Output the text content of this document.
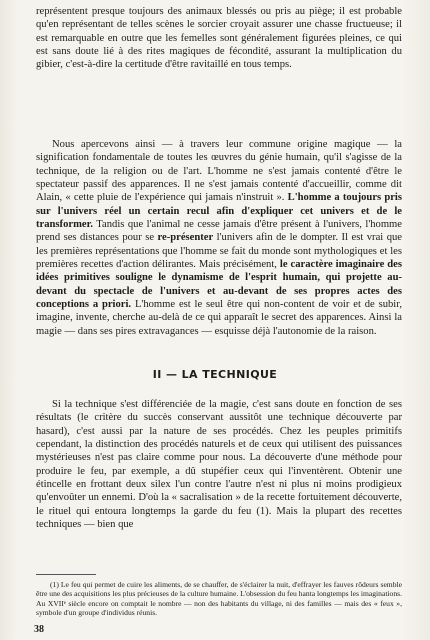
représentent presque toujours des animaux blessés ou pris au piège; il est probable qu'en représentant de telles scènes le sorcier croyait assurer une chasse fructueuse; il est remarquable en outre que les femelles sont généralement figurées pleines, ce qui est sans doute lié à des rites magiques de fécondité, assurant la multiplication du gibier, c'est-à-dire la certitude d'être ravitaillé en tous temps.

Nous apercevons ainsi — à travers leur commune origine magique — la signification fondamentale de toutes les œuvres du génie humain, qu'il s'agisse de la technique, de la religion ou de l'art. L'homme ne s'est jamais contenté d'être le spectateur passif des apparences. Il ne s'est jamais contenté d'accueillir, comme dit Alain, « cette pluie de l'expérience qui jamais n'instruit ». L'homme a toujours pris sur l'univers réel un certain recul afin d'expliquer cet univers et de le transformer. Tandis que l'animal ne cesse jamais d'être présent à l'univers, l'homme prend ses distances pour se re-présenter l'univers afin de le dompter. Il est vrai que les premières représentations que l'homme se fait du monde sont mythologiques et les premières recettes d'action délirantes. Mais précisément, le caractère imaginaire des idées primitives souligne le dynamisme de l'esprit humain, qui projette au-devant du spectacle de l'univers et au-devant de ses propres actes des conceptions a priori. L'homme est le seul être qui non-content de voir et de subir, imagine, invente, cherche au-delà de ce qui apparaît le secret des apparences. Ainsi la magie — dans ses pires extravagances — esquisse déjà l'autonomie de la raison.

II — LA TECHNIQUE

Si la technique s'est différenciée de la magie, c'est sans doute en fonction de ses résultats (le critère du succès conservant aussitôt une technique découverte par hasard), c'est aussi par la nature de ses procédés. Chez les peuples primitifs cependant, la distinction des procédés naturels et de ceux qui utilisent des puissances mystérieuses n'est pas claire comme pour nous. La découverte d'une méthode pour produire le feu, par exemple, a dû stupéfier ceux qui l'inventèrent. Obtenir une étincelle en frottant deux silex l'un contre l'autre n'est ni plus ni moins prodigieux qu'envoûter un ennemi. D'où la « sacralisation » de la recette fortuitement découverte, le rituel qui entoura longtemps la garde du feu (1). Mais la plupart des recettes techniques — bien que

(1) Le feu qui permet de cuire les aliments, de se chauffer, de s'éclairer la nuit, d'effrayer les fauves rôdeurs semble être une des acquisitions les plus précieuses de la culture humaine. L'obsession du feu hanta longtemps les imaginations. Au XVIIᵉ siècle encore on comptait le nombre — non des habitants du village, ni des familles — mais des « feux », symbole d'un groupe d'individus réunis.

38
